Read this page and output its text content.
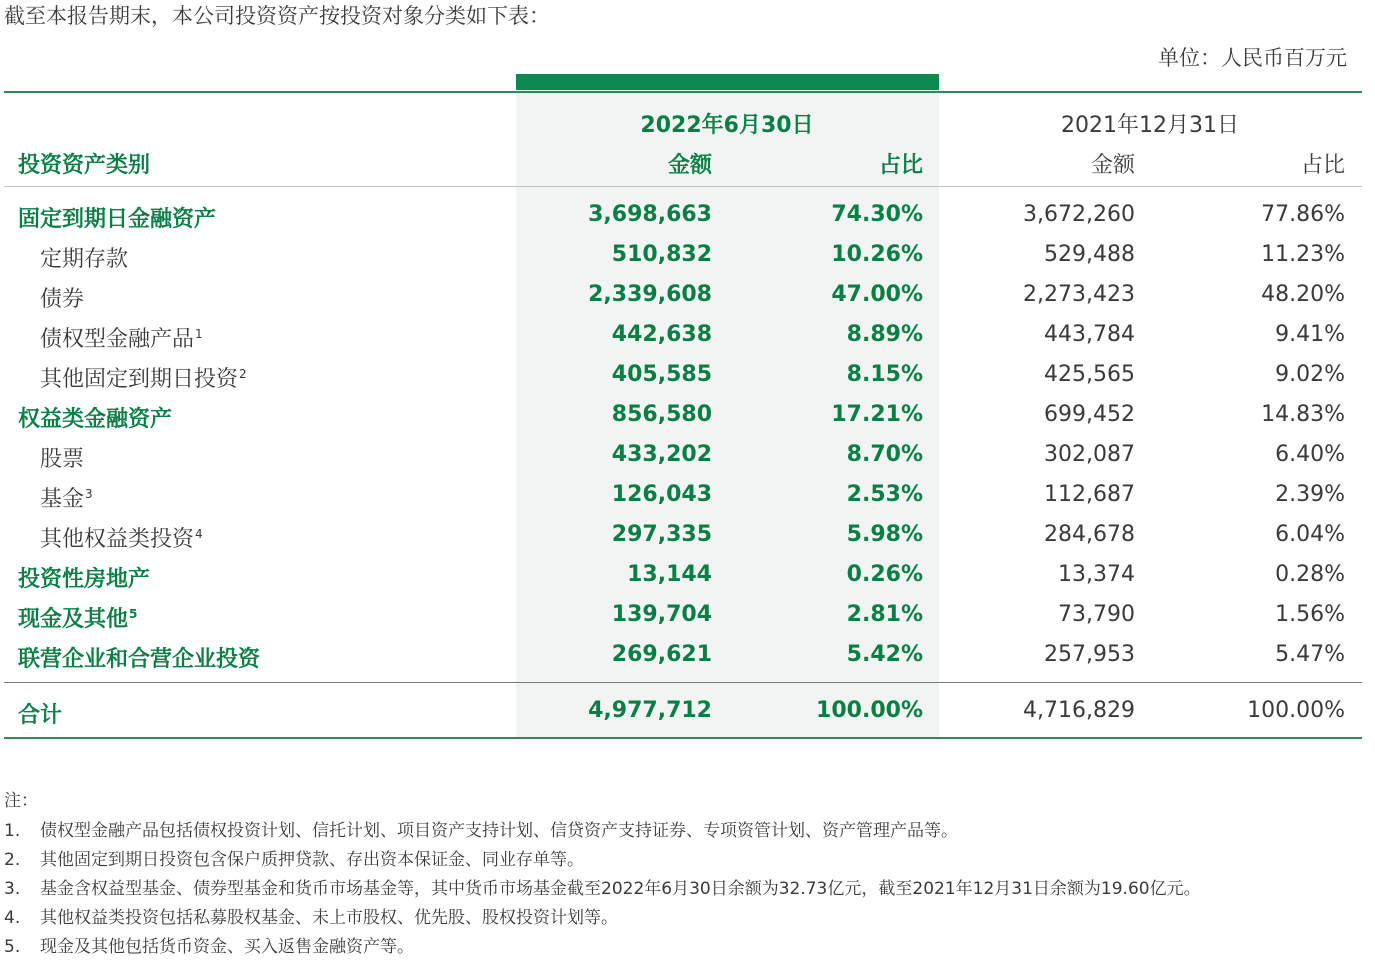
截至本报告期末，本公司投资资产按投资对象分类如下表：
单位：人民币百万元
2022年6月30日	2021年12月31日
投资资产类别	金额	占比	金额	占比
固定到期日金融资产	3,698,663	74.30%	3,672,260	77.86%
定期存款	510,832	10.26%	529,488	11.23%
债券	2,339,608	47.00%	2,273,423	48.20%
债权型金融产品$^1$	442,638	8.89%	443,784	9.41%
其他固定到期日投资$^2$	405,585	8.15%	425,565	9.02%
权益类金融资产	856,580	17.21%	699,452	14.83%
股票	433,202	8.70%	302,087	6.40%
基金$^3$	126,043	2.53%	112,687	2.39%
其他权益类投资$^4$	297,335	5.98%	284,678	6.04%
投资性房地产	13,144	0.26%	13,374	0.28%
现金及其他$^5$	139,704	2.81%	73,790	1.56%
联营企业和合营企业投资	269,621	5.42%	257,953	5.47%
合计	4,977,712	100.00%	4,716,829	100.00%
注：
1. 债权型金融产品包括债权投资计划、信托计划、项目资产支持计划、信贷资产支持证券、专项资管计划、资产管理产品等。
2. 其他固定到期日投资包含保户质押贷款、存出资本保证金、同业存单等。
3. 基金含权益型基金、债券型基金和货币市场基金等，其中货币市场基金截至2022年6月30日余额为32.73亿元，截至2021年12月31日余额为19.60亿元。
4. 其他权益类投资包括私募股权基金、未上市股权、优先股、股权投资计划等。
5. 现金及其他包括货币资金、买入返售金融资产等。
